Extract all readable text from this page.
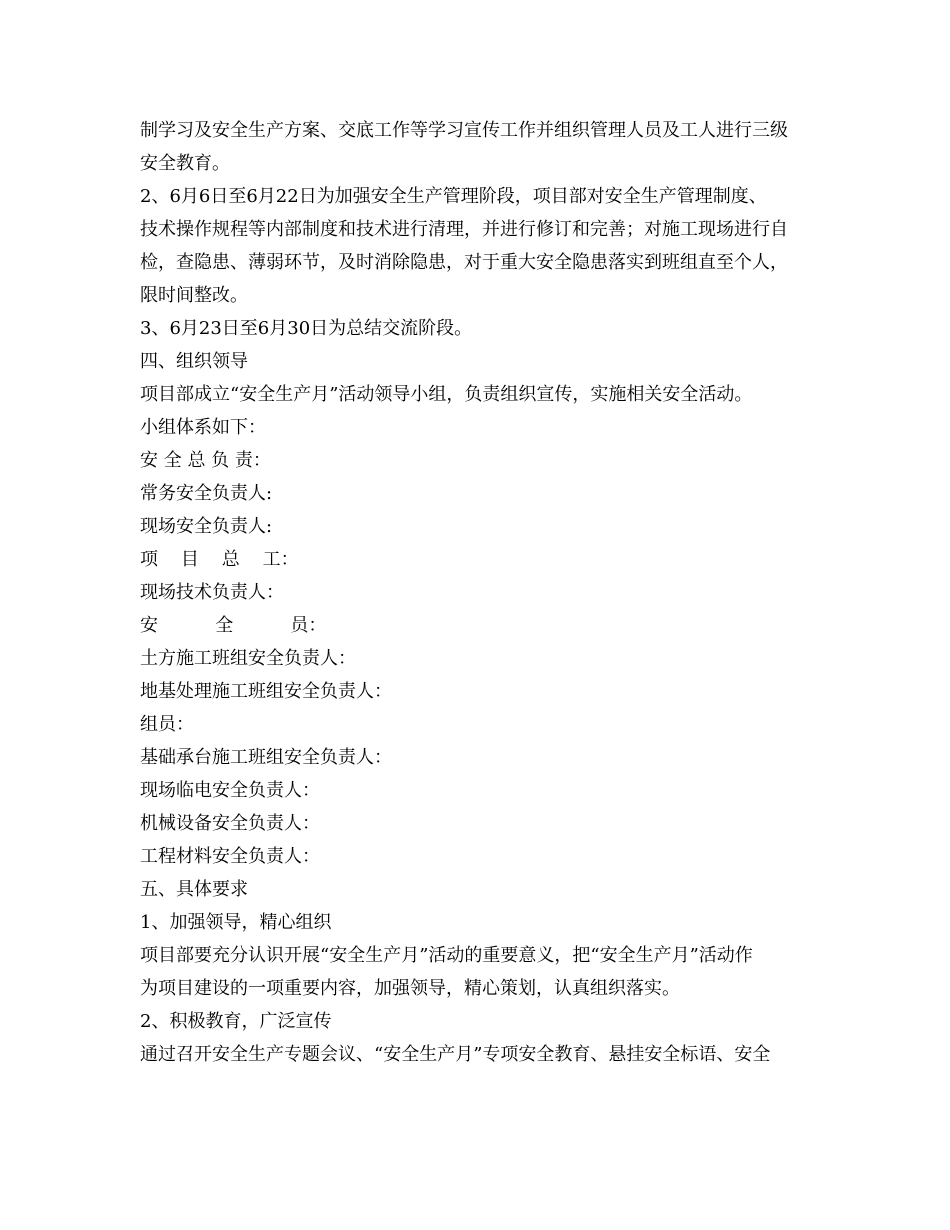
制学习及安全生产方案、交底工作等学习宣传工作并组织管理人员及工人进行三级

安全教育。

2、6月6日至6月22日为加强安全生产管理阶段，项目部对安全生产管理制度、

技术操作规程等内部制度和技术进行清理，并进行修订和完善；对施工现场进行自

检，查隐患、薄弱环节，及时消除隐患，对于重大安全隐患落实到班组直至个人，

限时间整改。

3、6月23日至6月30日为总结交流阶段。

四、组织领导

项目部成立“安全生产月”活动领导小组，负责组织宣传，实施相关安全活动。

小组体系如下：

安 全 总 负 责：

常务安全负责人:

现场安全负责人:

项    目    总    工：

现场技术负责人：

安          全          员：

土方施工班组安全负责人：

地基处理施工班组安全负责人：

组员：

基础承台施工班组安全负责人：

现场临电安全负责人：

机械设备安全负责人：

工程材料安全负责人：

五、具体要求

1、加强领导，精心组织

项目部要充分认识开展“安全生产月”活动的重要意义，把“安全生产月”活动作

为项目建设的一项重要内容，加强领导，精心策划，认真组织落实。

2、积极教育，广泛宣传

通过召开安全生产专题会议、“安全生产月”专项安全教育、悬挂安全标语、安全
